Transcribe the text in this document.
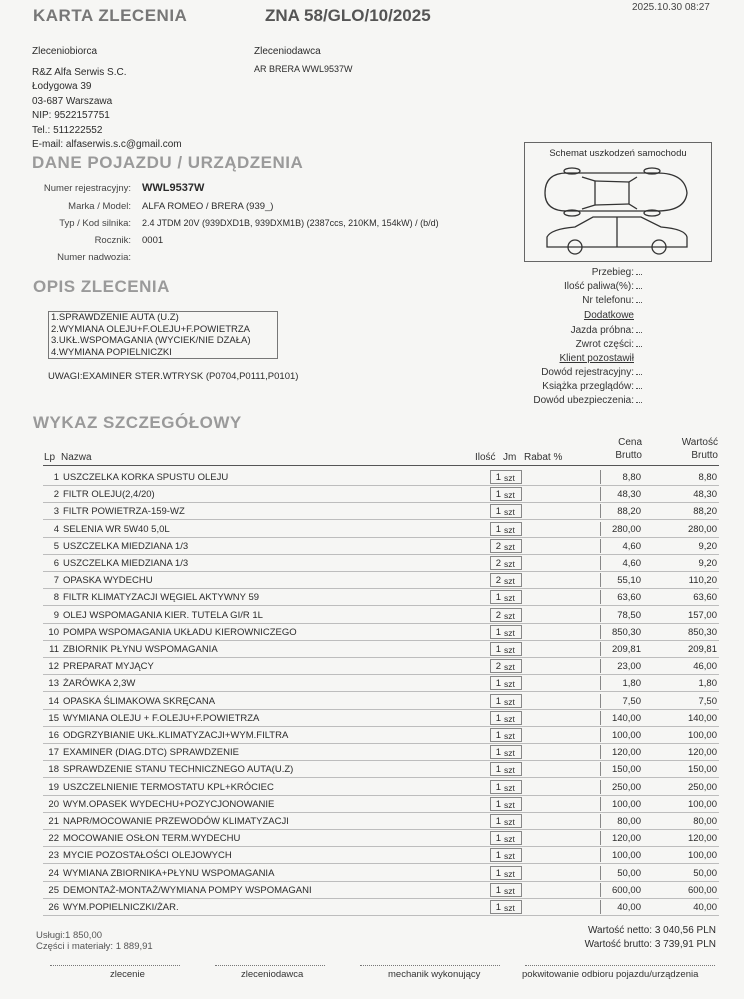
KARTA ZLECENIA	ZNA 58/GLO/10/2025	2025.10.30 08:27
Zleceniobiorca
R&Z Alfa Serwis S.C.
Łodygowa 39
03-687 Warszawa
NIP: 9522157751
Tel.: 511222552
E-mail: alfaserwis.s.c@gmail.com
Zleceniodawca
AR BRERA WWL9537W
DANE POJAZDU / URZĄDZENIA
Numer rejestracyjny: WWL9537W
Marka / Model: ALFA ROMEO / BRERA (939_)
Typ / Kod silnika: 2.4 JTDM 20V (939DXD1B, 939DXM1B) (2387ccs, 210KM, 154kW) / (b/d)
Rocznik: 0001
Numer nadwozia:
Schemat uszkodzeń samochodu
Przebieg:
Ilość paliwa(%):
Nr telefonu:
Dodatkowe
Jazda próbna:
Zwrot części:
Klient pozostawił
Dowód rejestracyjny:
Książka przeglądów:
Dowód ubezpieczenia:
OPIS ZLECENIA
1.SPRAWDZENIE AUTA (U.Z)
2.WYMIANA OLEJU+F.OLEJU+F.POWIETRZA
3.UKŁ.WSPOMAGANIA (WYCIEK/NIE DZAŁA)
4.WYMIANA POPIELNICZKI
UWAGI:EXAMINER STER.WTRYSK (P0704,P0111,P0101)
WYKAZ SZCZEGÓŁOWY
Lp Nazwa	Ilość Jm Rabat %
Cena
Brutto
Wartość
Brutto
1 USZCZELKA KORKA SPUSTU OLEJU	1 szt	8,80	8,80
2 FILTR OLEJU(2,4/20)	1 szt	48,30	48,30
3 FILTR POWIETRZA-159-WZ	1 szt	88,20	88,20
4 SELENIA WR 5W40 5,0L	1 szt	280,00	280,00
5 USZCZELKA MIEDZIANA 1/3	2 szt	4,60	9,20
6 USZCZELKA MIEDZIANA 1/3	2 szt	4,60	9,20
7 OPASKA WYDECHU	2 szt	55,10	110,20
8 FILTR KLIMATYZACJI WĘGIEL AKTYWNY 59	1 szt	63,60	63,60
9 OLEJ WSPOMAGANIA KIER. TUTELA GI/R 1L	2 szt	78,50	157,00
10 POMPA WSPOMAGANIA UKŁADU KIEROWNICZEGO	1 szt	850,30	850,30
11 ZBIORNIK PŁYNU WSPOMAGANIA	1 szt	209,81	209,81
12 PREPARAT MYJĄCY	2 szt	23,00	46,00
13 ŻARÓWKA 2,3W	1 szt	1,80	1,80
14 OPASKA ŚLIMAKOWA SKRĘCANA	1 szt	7,50	7,50
15 WYMIANA OLEJU + F.OLEJU+F.POWIETRZA	1 szt	140,00	140,00
16 ODGRZYBIANIE UKŁ.KLIMATYZACJI+WYM.FILTRA	1 szt	100,00	100,00
17 EXAMINER (DIAG.DTC) SPRAWDZENIE	1 szt	120,00	120,00
18 SPRAWDZENIE STANU TECHNICZNEGO AUTA(U.Z)	1 szt	150,00	150,00
19 USZCZELNIENIE TERMOSTATU KPL+KRÓCIEC	1 szt	250,00	250,00
20 WYM.OPASEK WYDECHU+POZYCJONOWANIE	1 szt	100,00	100,00
21 NAPR/MOCOWANIE PRZEWODÓW KLIMATYZACJI	1 szt	80,00	80,00
22 MOCOWANIE OSŁON TERM.WYDECHU	1 szt	120,00	120,00
23 MYCIE POZOSTAŁOŚCI OLEJOWYCH	1 szt	100,00	100,00
24 WYMIANA ZBIORNIKA+PŁYNU WSPOMAGANIA	1 szt	50,00	50,00
25 DEMONTAŻ-MONTAŻ/WYMIANA POMPY WSPOMAGANI	1 szt	600,00	600,00
26 WYM.POPIELNICZKI/ŻAR.	1 szt	40,00	40,00
Usługi:1 850,00
Części i materiały: 1 889,91
Wartość netto: 3 040,56 PLN
Wartość brutto: 3 739,91 PLN
zlecenie	zleceniodawca	mechanik wykonujący	pokwitowanie odbioru pojazdu/urządzenia
